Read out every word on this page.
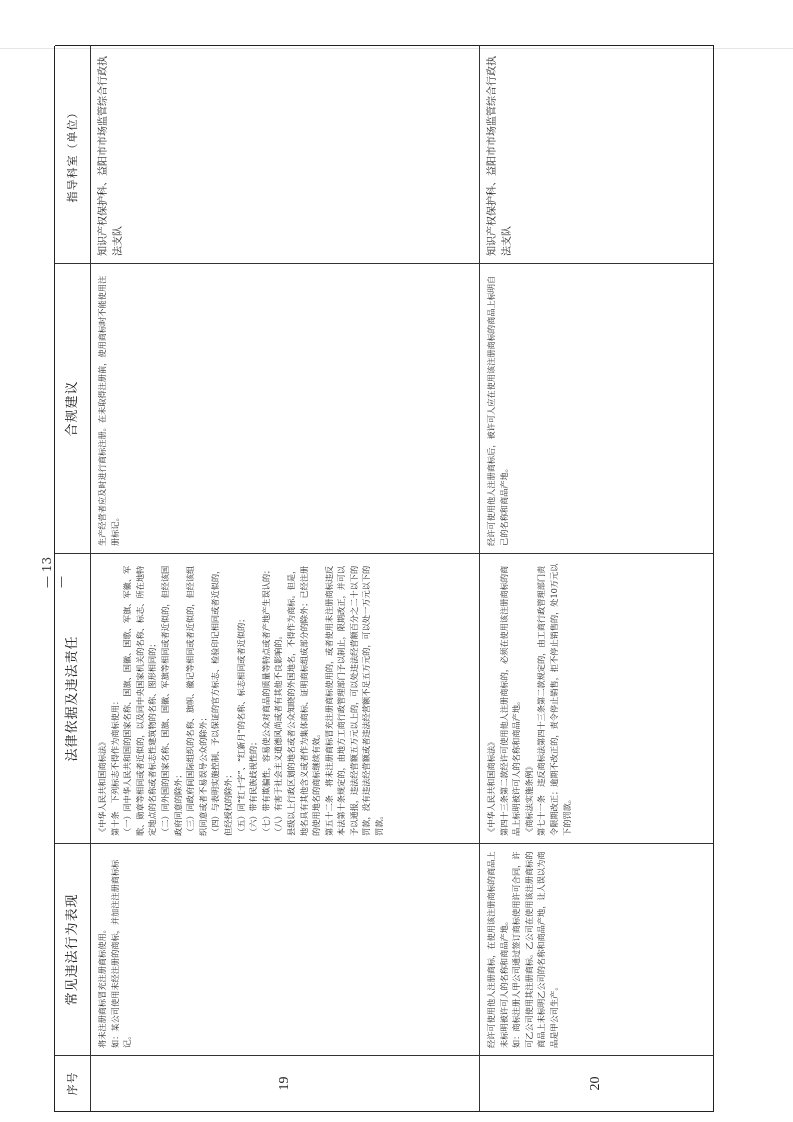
序号
常见违法行为表现
法律依据及违法责任
合规建议
指导科室（单位）
19
将未注册商标冒充注册商标使用。 如：某公司使用未经注册的商标，并加注注册商标标记。
《中华人民共和国商标法》 第十条　下列标志不得作为商标使用： （一）同中华人民共和国的国家名称、国旗、国徽、国歌、军旗、军徽、军歌、勋章等相同或者近似的，以及同中央国家机关的名称、标志、所在地特定地点的名称或者标志性建筑物的名称、图形相同的； （二）同外国的国家名称、国旗、国徽、军旗等相同或者近似的，但经该国政府同意的除外； （三）同政府间国际组织的名称、旗帜、徽记等相同或者近似的，但经该组织同意或者不易误导公众的除外； （四）与表明实施控制、予以保证的官方标志、检验印记相同或者近似的，但经授权的除外； （五）同“红十字”、“红新月”的名称、标志相同或者近似的； （六）带有民族歧视性的； （七）带有欺骗性，容易使公众对商品的质量等特点或者产地产生误认的； （八）有害于社会主义道德风尚或者有其他不良影响的。 县级以上行政区划的地名或者公众知晓的外国地名，不得作为商标。但是，地名具有其他含义或者作为集体商标、证明商标组成部分的除外；已经注册的使用地名的商标继续有效。 第五十二条　将未注册商标冒充注册商标使用的，或者使用未注册商标违反本法第十条规定的，由地方工商行政管理部门予以制止，限期改正，并可以予以通报，违法经营额五万元以上的，可以处违法经营额百分之二十以下的罚款，没有违法经营额或者违法经营额不足五万元的，可以处一万元以下的罚款。
生产经营者应及时进行商标注册。在未取得注册前，使用商标时不能使用注册标记。
知识产权保护科、益阳市市场监管综合行政执法支队
20
经许可使用他人注册商标，在使用该注册商标的商品上未标明被许可人的名称和商品产地。 如：商标注册人甲公司通过签订商标使用许可合同，许可乙公司使用其注册商标。乙公司在使用该注册商标的商品上未标明乙公司的名称和商品产地，让人误以为商品是甲公司生产。
《中华人民共和国商标法》 第四十三条第二款经许可使用他人注册商标的，必须在使用该注册商标的商品上标明被许可人的名称和商品产地。 《商标法实施条例》 第七十一条　违反商标法第四十三条第二款规定的，由工商行政管理部门责令限期改正；逾期不改正的，责令停止销售，拒不停止销售的，处10万元以下的罚款。
经许可使用他人注册商标后，被许可人应在使用该注册商标的商品上标明自己的名称和商品产地。
知识产权保护科、益阳市市场监管综合行政执法支队
— 13 —
